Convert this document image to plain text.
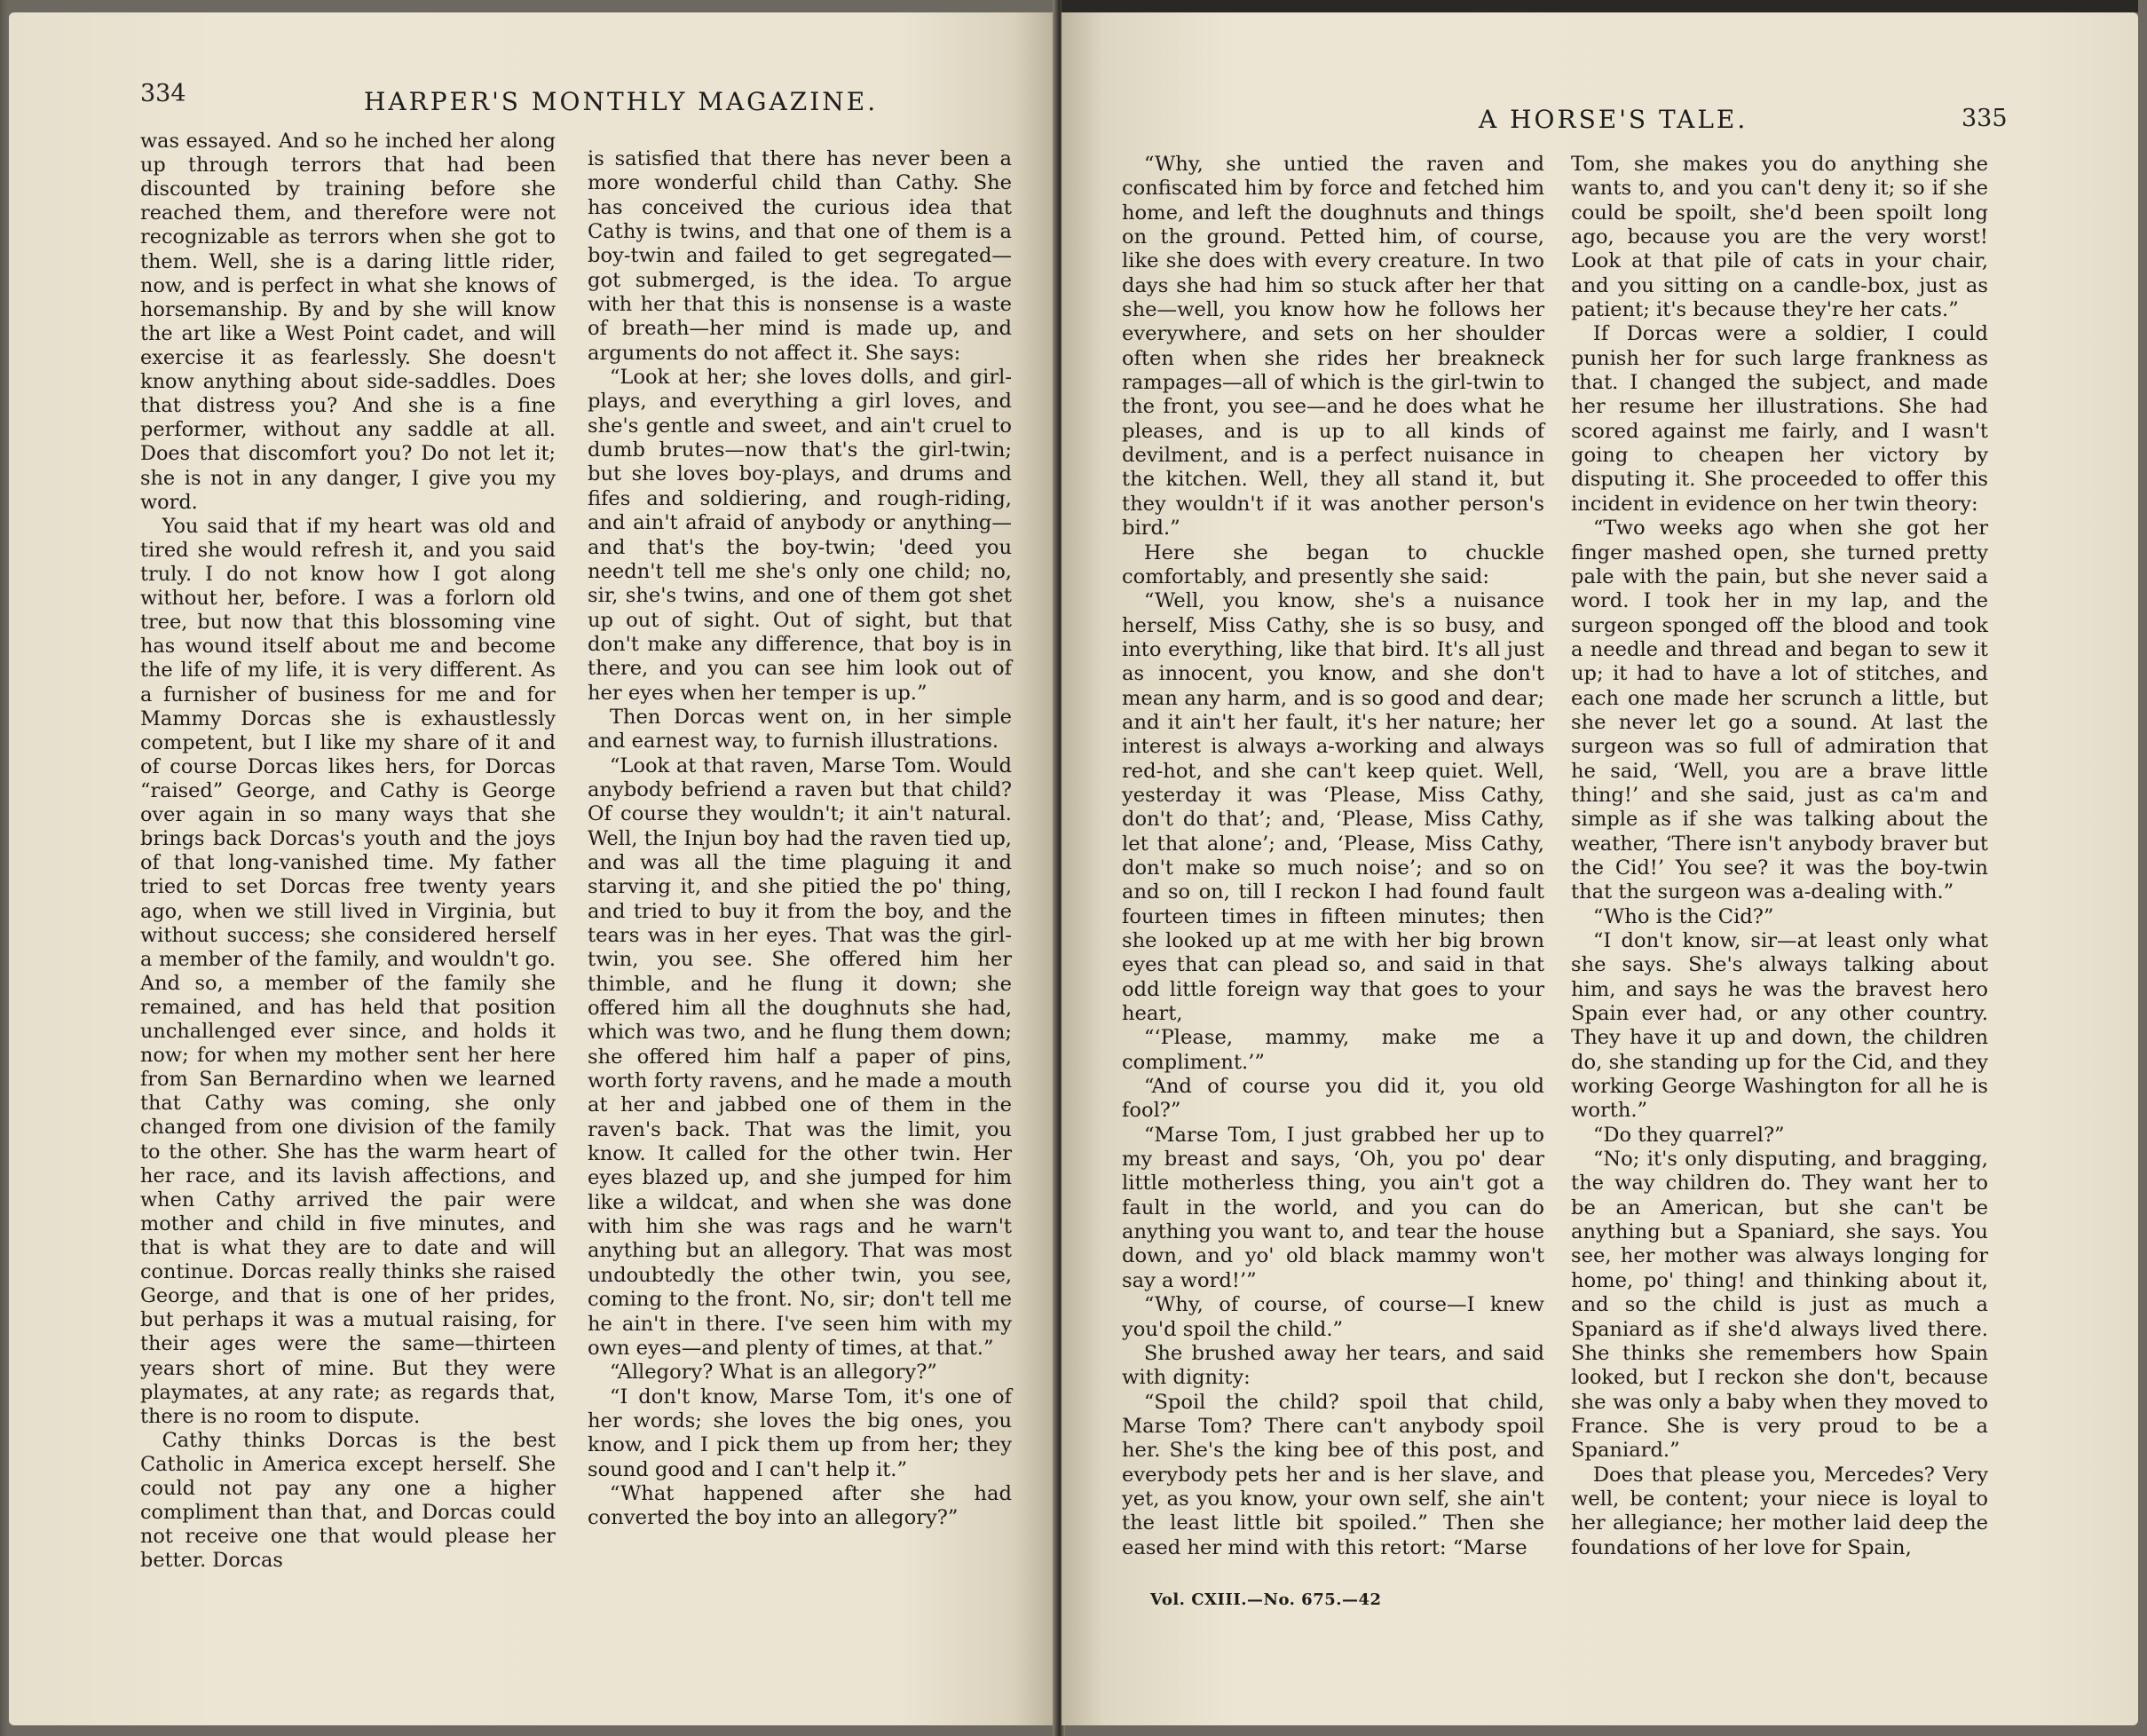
334	HARPER'S MONTHLY MAGAZINE.

was essayed. And so he inched her along up through terrors that had been discounted by training before she reached them, and therefore were not recognizable as terrors when she got to them. Well, she is a daring little rider, now, and is perfect in what she knows of horsemanship. By and by she will know the art like a West Point cadet, and will exercise it as fearlessly. She doesn't know anything about side-saddles. Does that distress you? And she is a fine performer, without any saddle at all. Does that discomfort you? Do not let it; she is not in any danger, I give you my word.

You said that if my heart was old and tired she would refresh it, and you said truly. I do not know how I got along without her, before. I was a forlorn old tree, but now that this blossoming vine has wound itself about me and become the life of my life, it is very different. As a furnisher of business for me and for Mammy Dorcas she is exhaustlessly competent, but I like my share of it and of course Dorcas likes hers, for Dorcas “raised” George, and Cathy is George over again in so many ways that she brings back Dorcas's youth and the joys of that long-vanished time. My father tried to set Dorcas free twenty years ago, when we still lived in Virginia, but without success; she considered herself a member of the family, and wouldn't go. And so, a member of the family she remained, and has held that position unchallenged ever since, and holds it now; for when my mother sent her here from San Bernardino when we learned that Cathy was coming, she only changed from one division of the family to the other. She has the warm heart of her race, and its lavish affections, and when Cathy arrived the pair were mother and child in five minutes, and that is what they are to date and will continue. Dorcas really thinks she raised George, and that is one of her prides, but perhaps it was a mutual raising, for their ages were the same—thirteen years short of mine. But they were playmates, at any rate; as regards that, there is no room to dispute.

Cathy thinks Dorcas is the best Catholic in America except herself. She could not pay any one a higher compliment than that, and Dorcas could not receive one that would please her better. Dorcas

is satisfied that there has never been a more wonderful child than Cathy. She has conceived the curious idea that Cathy is twins, and that one of them is a boy-twin and failed to get segregated—got submerged, is the idea. To argue with her that this is nonsense is a waste of breath—her mind is made up, and arguments do not affect it. She says:

“Look at her; she loves dolls, and girl-plays, and everything a girl loves, and she's gentle and sweet, and ain't cruel to dumb brutes—now that's the girl-twin; but she loves boy-plays, and drums and fifes and soldiering, and rough-riding, and ain't afraid of anybody or anything—and that's the boy-twin; 'deed you needn't tell me she's only one child; no, sir, she's twins, and one of them got shet up out of sight. Out of sight, but that don't make any difference, that boy is in there, and you can see him look out of her eyes when her temper is up.”

Then Dorcas went on, in her simple and earnest way, to furnish illustrations.

“Look at that raven, Marse Tom. Would anybody befriend a raven but that child? Of course they wouldn't; it ain't natural. Well, the Injun boy had the raven tied up, and was all the time plaguing it and starving it, and she pitied the po' thing, and tried to buy it from the boy, and the tears was in her eyes. That was the girl-twin, you see. She offered him her thimble, and he flung it down; she offered him all the doughnuts she had, which was two, and he flung them down; she offered him half a paper of pins, worth forty ravens, and he made a mouth at her and jabbed one of them in the raven's back. That was the limit, you know. It called for the other twin. Her eyes blazed up, and she jumped for him like a wildcat, and when she was done with him she was rags and he warn't anything but an allegory. That was most undoubtedly the other twin, you see, coming to the front. No, sir; don't tell me he ain't in there. I've seen him with my own eyes—and plenty of times, at that.”

“Allegory? What is an allegory?”

“I don't know, Marse Tom, it's one of her words; she loves the big ones, you know, and I pick them up from her; they sound good and I can't help it.”

“What happened after she had converted the boy into an allegory?”

A HORSE'S TALE.	335

“Why, she untied the raven and confiscated him by force and fetched him home, and left the doughnuts and things on the ground. Petted him, of course, like she does with every creature. In two days she had him so stuck after her that she—well, you know how he follows her everywhere, and sets on her shoulder often when she rides her breakneck rampages—all of which is the girl-twin to the front, you see—and he does what he pleases, and is up to all kinds of devilment, and is a perfect nuisance in the kitchen. Well, they all stand it, but they wouldn't if it was another person's bird.”

Here she began to chuckle comfortably, and presently she said:

“Well, you know, she's a nuisance herself, Miss Cathy, she is so busy, and into everything, like that bird. It's all just as innocent, you know, and she don't mean any harm, and is so good and dear; and it ain't her fault, it's her nature; her interest is always a-working and always red-hot, and she can't keep quiet. Well, yesterday it was ‘Please, Miss Cathy, don't do that’; and, ‘Please, Miss Cathy, let that alone’; and, ‘Please, Miss Cathy, don't make so much noise’; and so on and so on, till I reckon I had found fault fourteen times in fifteen minutes; then she looked up at me with her big brown eyes that can plead so, and said in that odd little foreign way that goes to your heart,

“‘Please, mammy, make me a compliment.’”

“And of course you did it, you old fool?”

“Marse Tom, I just grabbed her up to my breast and says, ‘Oh, you po' dear little motherless thing, you ain't got a fault in the world, and you can do anything you want to, and tear the house down, and yo' old black mammy won't say a word!’”

“Why, of course, of course—I knew you'd spoil the child.”

She brushed away her tears, and said with dignity:

“Spoil the child? spoil that child, Marse Tom? There can't anybody spoil her. She's the king bee of this post, and everybody pets her and is her slave, and yet, as you know, your own self, she ain't the least little bit spoiled.” Then she eased her mind with this retort: “Marse

Tom, she makes you do anything she wants to, and you can't deny it; so if she could be spoilt, she'd been spoilt long ago, because you are the very worst! Look at that pile of cats in your chair, and you sitting on a candle-box, just as patient; it's because they're her cats.”

If Dorcas were a soldier, I could punish her for such large frankness as that. I changed the subject, and made her resume her illustrations. She had scored against me fairly, and I wasn't going to cheapen her victory by disputing it. She proceeded to offer this incident in evidence on her twin theory:

“Two weeks ago when she got her finger mashed open, she turned pretty pale with the pain, but she never said a word. I took her in my lap, and the surgeon sponged off the blood and took a needle and thread and began to sew it up; it had to have a lot of stitches, and each one made her scrunch a little, but she never let go a sound. At last the surgeon was so full of admiration that he said, ‘Well, you are a brave little thing!’ and she said, just as ca'm and simple as if she was talking about the weather, ‘There isn't anybody braver but the Cid!’ You see? it was the boy-twin that the surgeon was a-dealing with.”

“Who is the Cid?”

“I don't know, sir—at least only what she says. She's always talking about him, and says he was the bravest hero Spain ever had, or any other country. They have it up and down, the children do, she standing up for the Cid, and they working George Washington for all he is worth.”

“Do they quarrel?”

“No; it's only disputing, and bragging, the way children do. They want her to be an American, but she can't be anything but a Spaniard, she says. You see, her mother was always longing for home, po' thing! and thinking about it, and so the child is just as much a Spaniard as if she'd always lived there. She thinks she remembers how Spain looked, but I reckon she don't, because she was only a baby when they moved to France. She is very proud to be a Spaniard.”

Does that please you, Mercedes? Very well, be content; your niece is loyal to her allegiance; her mother laid deep the foundations of her love for Spain,

Vol. CXIII.—No. 675.—42
